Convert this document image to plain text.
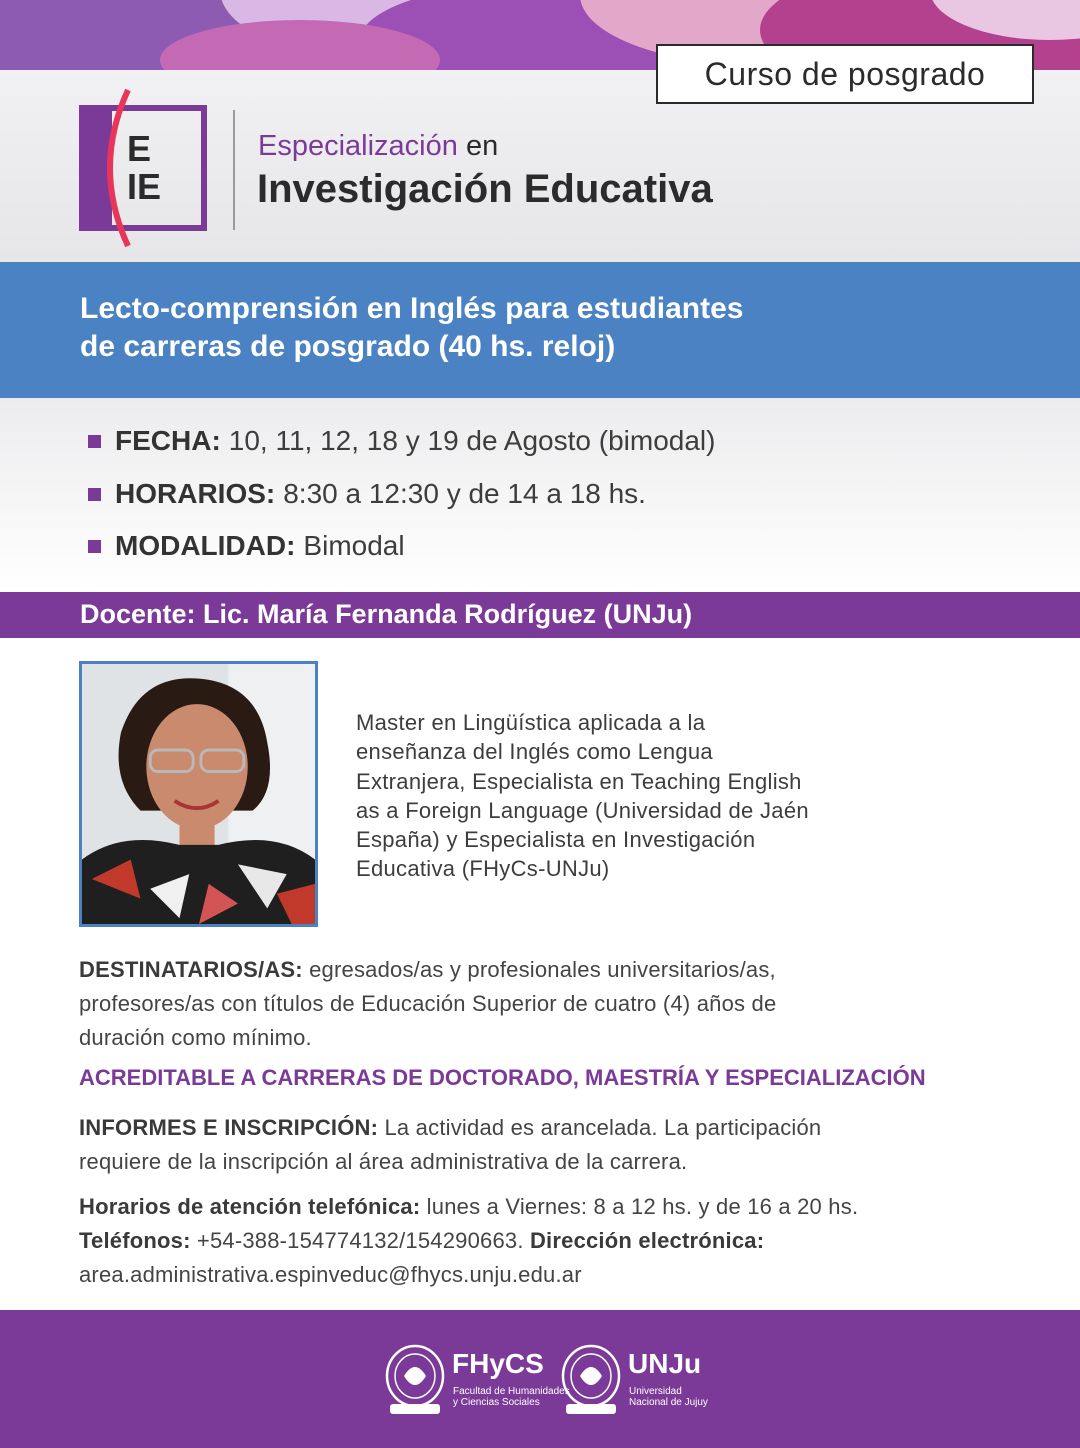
Curso de posgrado
E
IE
Especialización en
Investigación Educativa
Lecto-comprensión en Inglés para estudiantes
de carreras de posgrado (40 hs. reloj)
FECHA: 10, 11, 12, 18 y 19 de Agosto (bimodal)
HORARIOS: 8:30 a 12:30 y de 14 a 18 hs.
MODALIDAD: Bimodal
Docente: Lic. María Fernanda Rodríguez (UNJu)
Master en Lingüística aplicada a la
enseñanza del Inglés como Lengua
Extranjera, Especialista en Teaching English
as a Foreign Language (Universidad de Jaén
España) y Especialista en Investigación
Educativa (FHyCs-UNJu)
DESTINATARIOS/AS: egresados/as y profesionales universitarios/as,
profesores/as con títulos de Educación Superior de cuatro (4) años de
duración como mínimo.
ACREDITABLE A CARRERAS DE DOCTORADO, MAESTRÍA Y ESPECIALIZACIÓN
INFORMES E INSCRIPCIÓN: La actividad es arancelada. La participación
requiere de la inscripción al área administrativa de la carrera.
Horarios de atención telefónica: lunes a Viernes: 8 a 12 hs. y de 16 a 20 hs.
Teléfonos: +54-388-154774132/154290663. Dirección electrónica:
area.administrativa.espinveduc@fhycs.unju.edu.ar
FHyCS
Facultad de Humanidades
y Ciencias Sociales
UNJu
Universidad
Nacional de Jujuy
